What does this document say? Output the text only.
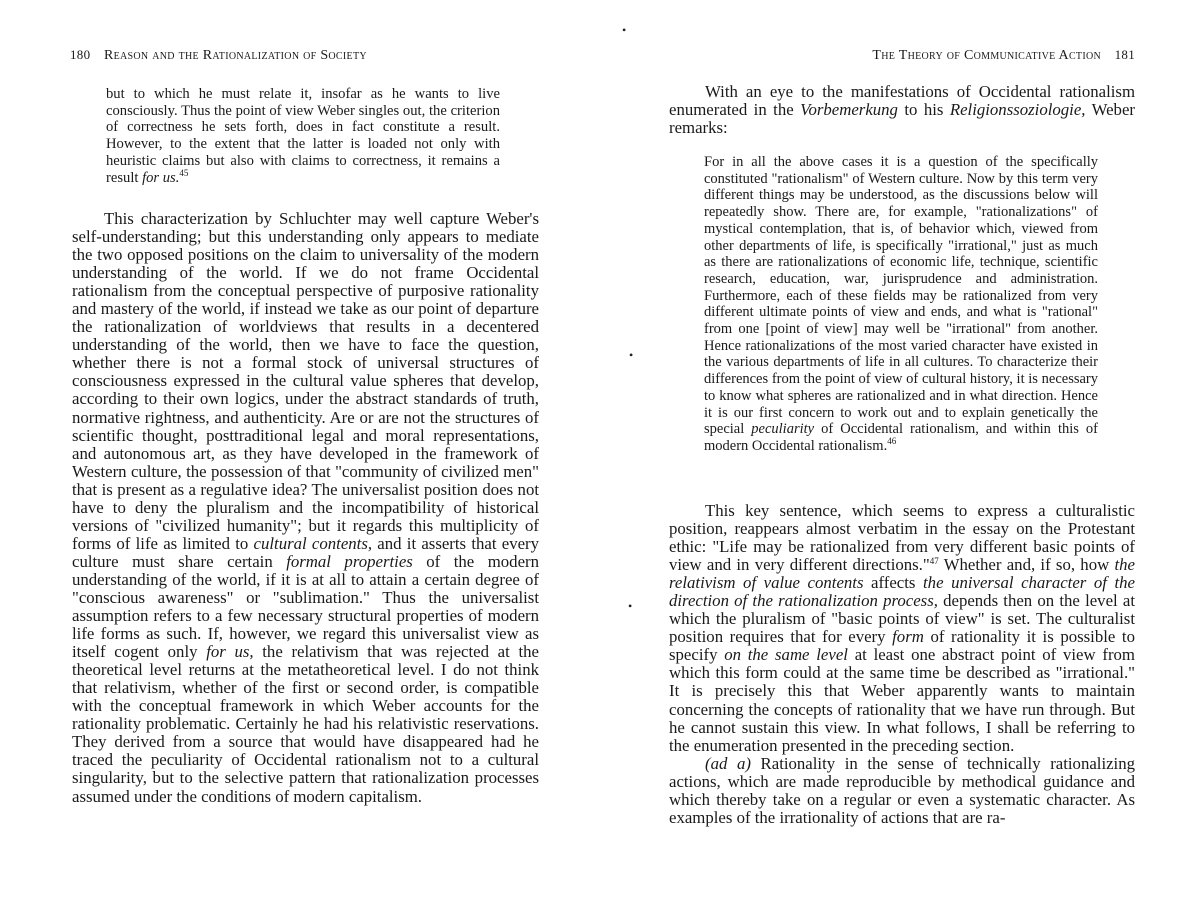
180 Reason and the Rationalization of Society

but to which he must relate it, insofar as he wants to live consciously. Thus the point of view Weber singles out, the criterion of correctness he sets forth, does in fact constitute a result. However, to the extent that the latter is loaded not only with heuristic claims but also with claims to correctness, it remains a result for us.$^{45}$

This characterization by Schluchter may well capture Weber's self-understanding; but this understanding only appears to mediate the two opposed positions on the claim to universality of the modern understanding of the world. If we do not frame Occidental rationalism from the conceptual perspective of purposive rationality and mastery of the world, if instead we take as our point of departure the rationalization of worldviews that results in a decentered understanding of the world, then we have to face the question, whether there is not a formal stock of universal structures of consciousness expressed in the cultural value spheres that develop, according to their own logics, under the abstract standards of truth, normative rightness, and authenticity. Are or are not the structures of scientific thought, posttraditional legal and moral representations, and autonomous art, as they have developed in the framework of Western culture, the possession of that "community of civilized men" that is present as a regulative idea? The universalist position does not have to deny the pluralism and the incompatibility of historical versions of "civilized humanity"; but it regards this multiplicity of forms of life as limited to cultural contents, and it asserts that every culture must share certain formal properties of the modern understanding of the world, if it is at all to attain a certain degree of "conscious awareness" or "sublimation." Thus the universalist assumption refers to a few necessary structural properties of modern life forms as such. If, however, we regard this universalist view as itself cogent only for us, the relativism that was rejected at the theoretical level returns at the metatheoretical level. I do not think that relativism, whether of the first or second order, is compatible with the conceptual framework in which Weber accounts for the rationality problematic. Certainly he had his relativistic reservations. They derived from a source that would have disappeared had he traced the peculiarity of Occidental rationalism not to a cultural singularity, but to the selective pattern that rationalization processes assumed under the conditions of modern capitalism.

The Theory of Communicative Action 181

With an eye to the manifestations of Occidental rationalism enumerated in the Vorbemerkung to his Religionssoziologie, Weber remarks:

For in all the above cases it is a question of the specifically constituted "rationalism" of Western culture. Now by this term very different things may be understood, as the discussions below will repeatedly show. There are, for example, "rationalizations" of mystical contemplation, that is, of behavior which, viewed from other departments of life, is specifically "irrational," just as much as there are rationalizations of economic life, technique, scientific research, education, war, jurisprudence and administration. Furthermore, each of these fields may be rationalized from very different ultimate points of view and ends, and what is "rational" from one [point of view] may well be "irrational" from another. Hence rationalizations of the most varied character have existed in the various departments of life in all cultures. To characterize their differences from the point of view of cultural history, it is necessary to know what spheres are rationalized and in what direction. Hence it is our first concern to work out and to explain genetically the special peculiarity of Occidental rationalism, and within this of modern Occidental rationalism.$^{46}$

This key sentence, which seems to express a culturalistic position, reappears almost verbatim in the essay on the Protestant ethic: "Life may be rationalized from very different basic points of view and in very different directions."$^{47}$ Whether and, if so, how the relativism of value contents affects the universal character of the direction of the rationalization process, depends then on the level at which the pluralism of "basic points of view" is set. The culturalist position requires that for every form of rationality it is possible to specify on the same level at least one abstract point of view from which this form could at the same time be described as "irrational." It is precisely this that Weber apparently wants to maintain concerning the concepts of rationality that we have run through. But he cannot sustain this view. In what follows, I shall be referring to the enumeration presented in the preceding section.

(ad a) Rationality in the sense of technically rationalizing actions, which are made reproducible by methodical guidance and which thereby take on a regular or even a systematic character. As examples of the irrationality of actions that are ra-

•
•
•
